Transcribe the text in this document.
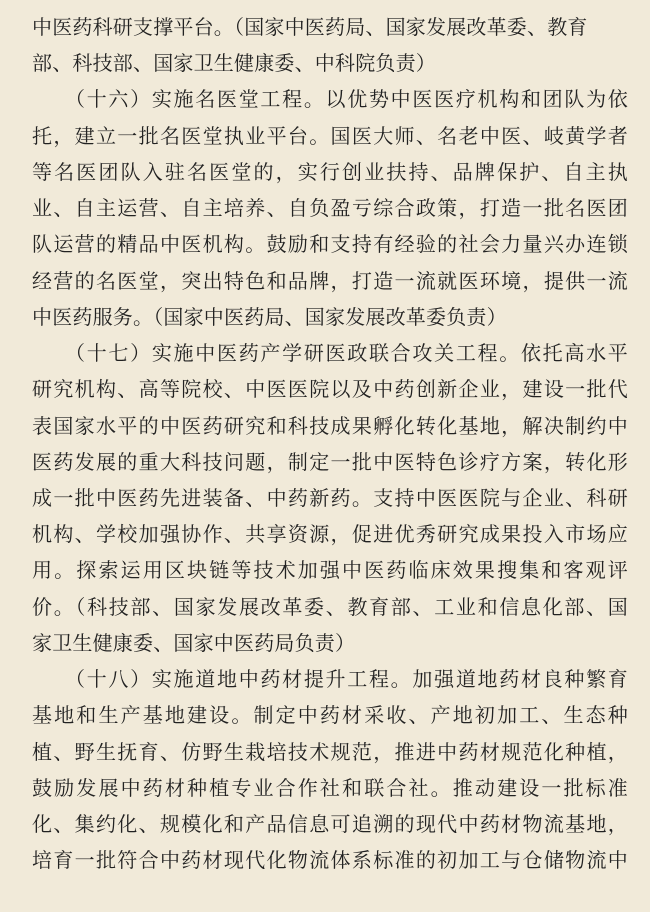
中医药科研支撑平台。（国家中医药局、国家发展改革委、教育
部、科技部、国家卫生健康委、中科院负责）
（十六）实施名医堂工程。以优势中医医疗机构和团队为依
托，建立一批名医堂执业平台。国医大师、名老中医、岐黄学者
等名医团队入驻名医堂的，实行创业扶持、品牌保护、自主执
业、自主运营、自主培养、自负盈亏综合政策，打造一批名医团
队运营的精品中医机构。鼓励和支持有经验的社会力量兴办连锁
经营的名医堂，突出特色和品牌，打造一流就医环境，提供一流
中医药服务。（国家中医药局、国家发展改革委负责）
（十七）实施中医药产学研医政联合攻关工程。依托高水平
研究机构、高等院校、中医医院以及中药创新企业，建设一批代
表国家水平的中医药研究和科技成果孵化转化基地，解决制约中
医药发展的重大科技问题，制定一批中医特色诊疗方案，转化形
成一批中医药先进装备、中药新药。支持中医医院与企业、科研
机构、学校加强协作、共享资源，促进优秀研究成果投入市场应
用。探索运用区块链等技术加强中医药临床效果搜集和客观评
价。（科技部、国家发展改革委、教育部、工业和信息化部、国
家卫生健康委、国家中医药局负责）
（十八）实施道地中药材提升工程。加强道地药材良种繁育
基地和生产基地建设。制定中药材采收、产地初加工、生态种
植、野生抚育、仿野生栽培技术规范，推进中药材规范化种植，
鼓励发展中药材种植专业合作社和联合社。推动建设一批标准
化、集约化、规模化和产品信息可追溯的现代中药材物流基地，
培育一批符合中药材现代化物流体系标准的初加工与仓储物流中
